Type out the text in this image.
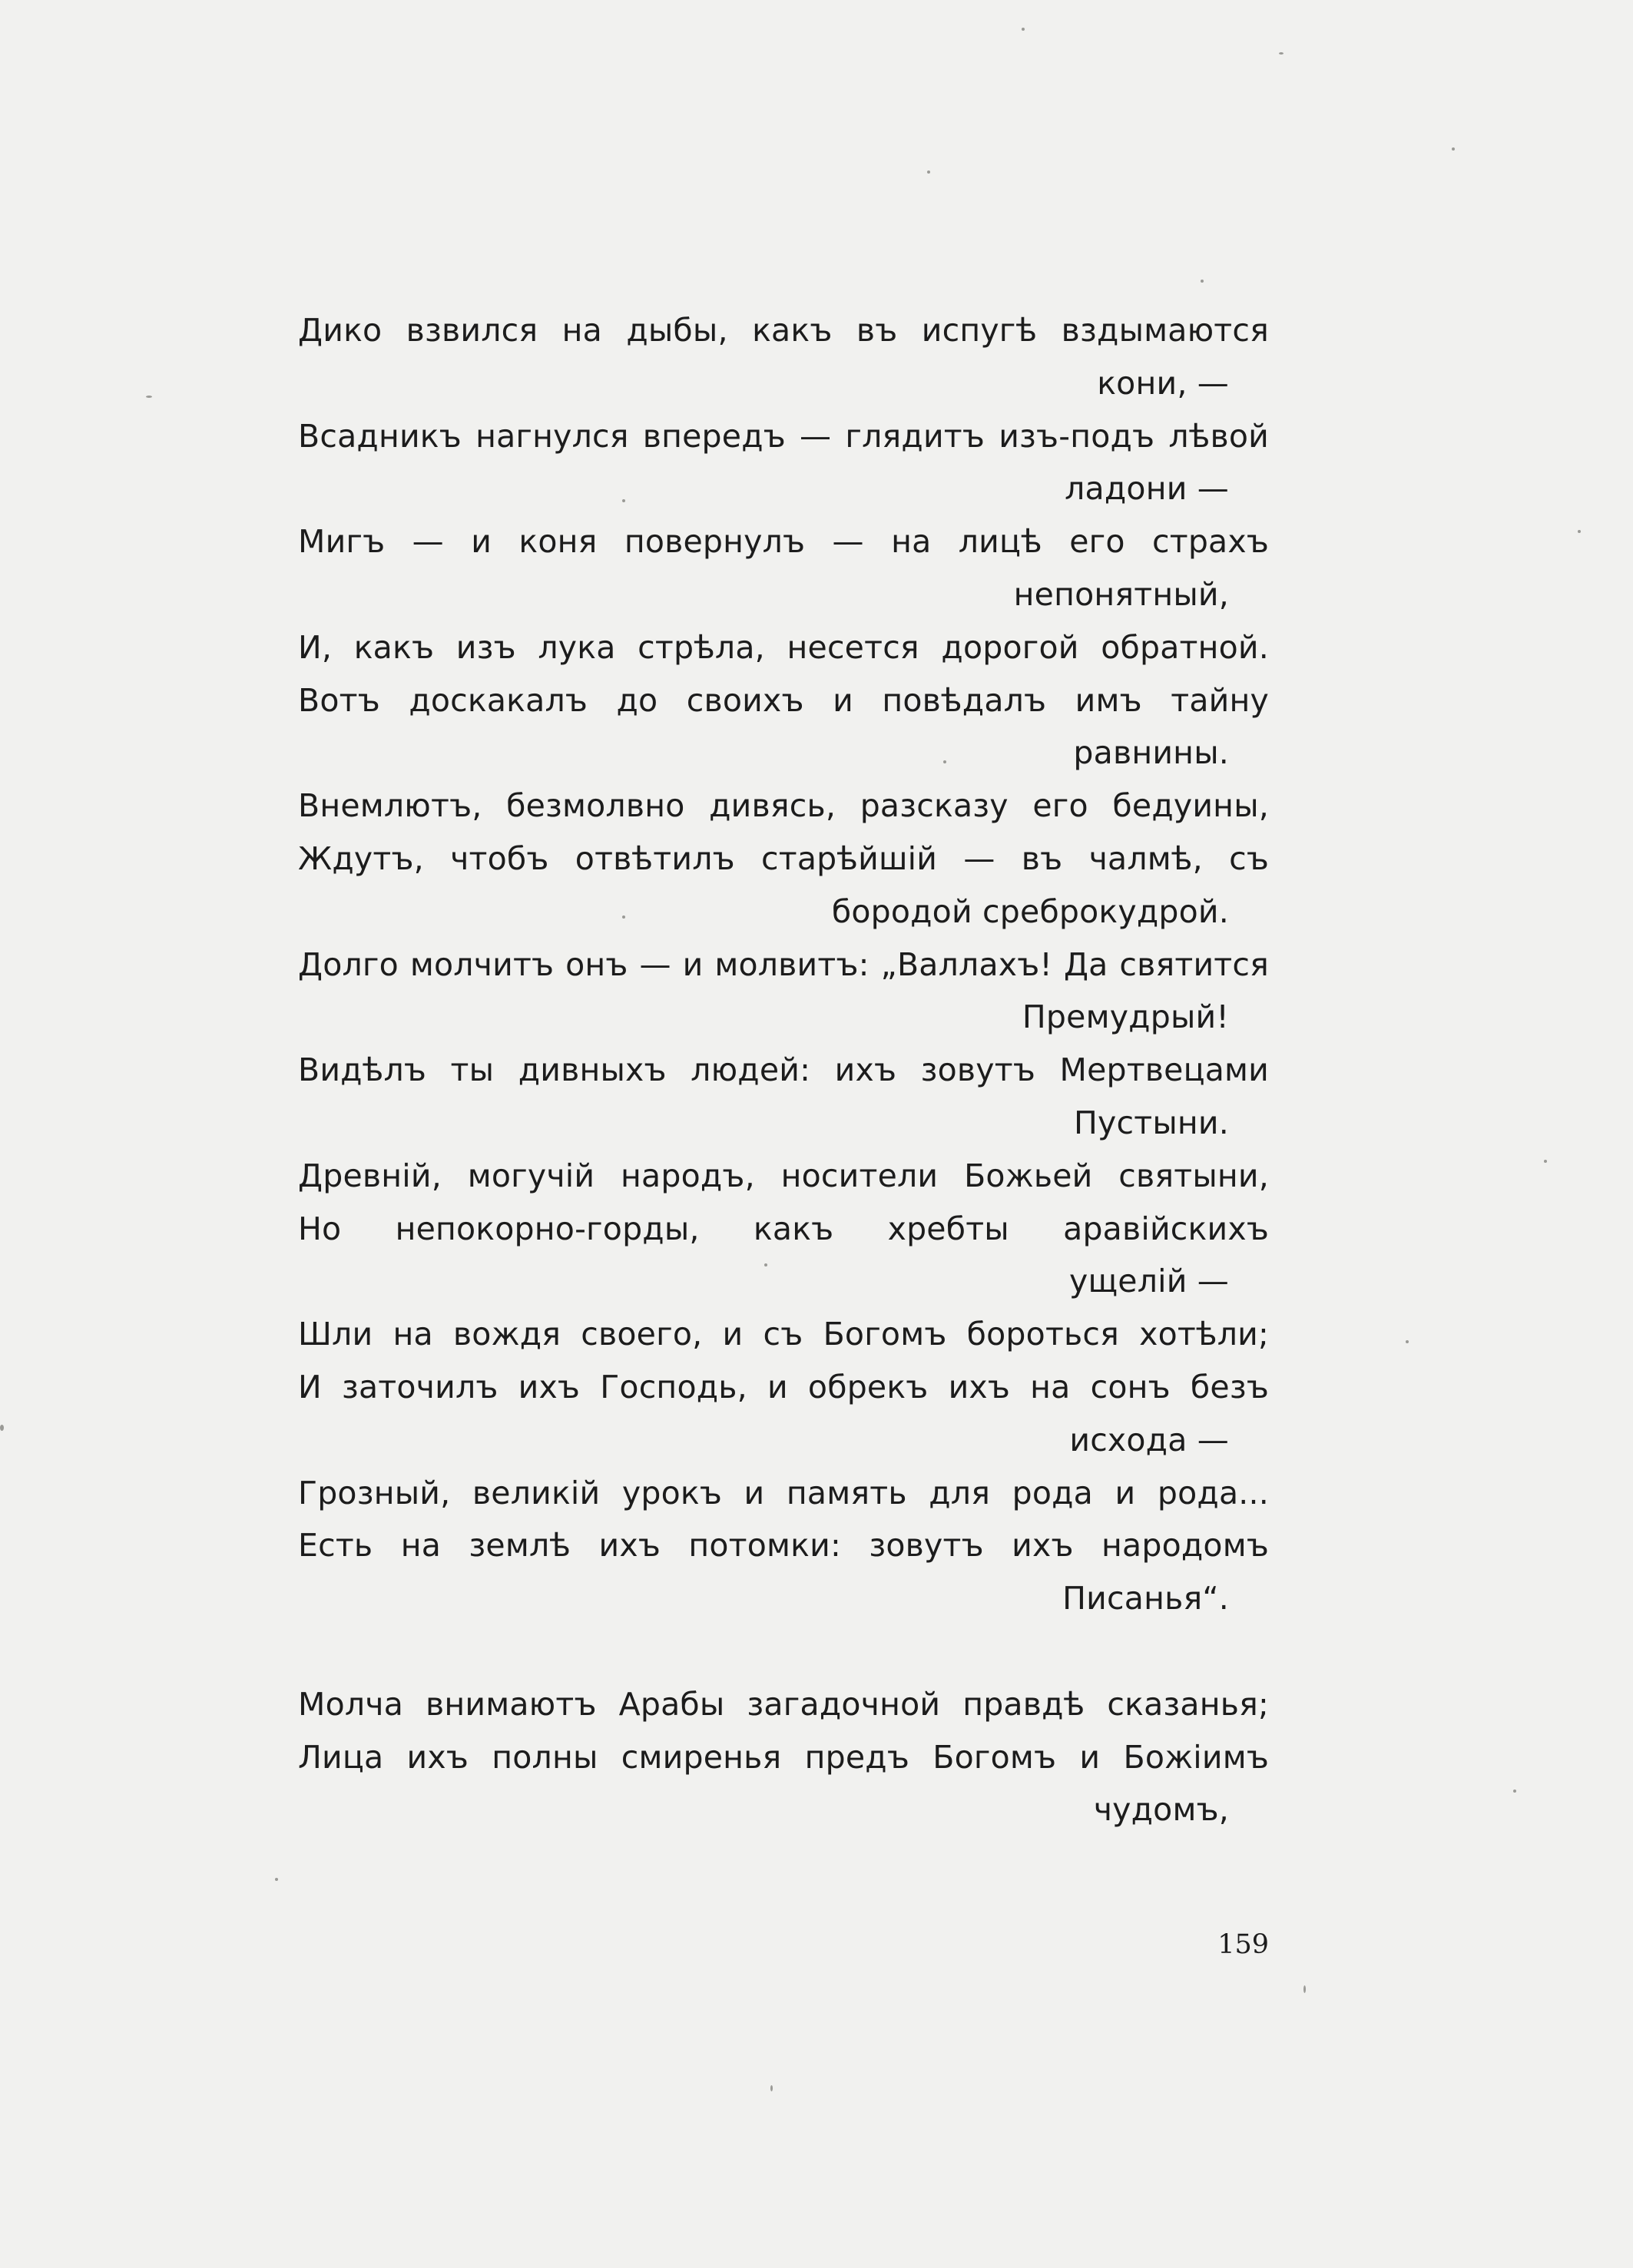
Дико взвился на дыбы, какъ въ испугѣ вздымаются
кони, —
Всадникъ нагнулся впередъ — глядитъ изъ-подъ лѣвой
ладони —
Мигъ — и коня повернулъ — на лицѣ его страхъ
непонятный,
И, какъ изъ лука стрѣла, несется дорогой обратной.
Вотъ доскакалъ до своихъ и повѣдалъ имъ тайну
равнины.
Внемлютъ, безмолвно дивясь, разсказу его бедуины,
Ждутъ, чтобъ отвѣтилъ старѣйшій — въ чалмѣ, съ
бородой среброкудрой.
Долго молчитъ онъ — и молвитъ: „Валлахъ! Да святится
Премудрый!
Видѣлъ ты дивныхъ людей: ихъ зовутъ Мертвецами
Пустыни.
Древній, могучій народъ, носители Божьей святыни,
Но непокорно-горды, какъ хребты аравійскихъ
ущелій —
Шли на вождя своего, и съ Богомъ бороться хотѣли;
И заточилъ ихъ Господь, и обрекъ ихъ на сонъ безъ
исхода —
Грозный, великій урокъ и память для рода и рода...
Есть на землѣ ихъ потомки: зовутъ ихъ народомъ
Писанья“.
Молча внимаютъ Арабы загадочной правдѣ сказанья;
Лица ихъ полны смиренья предъ Богомъ и Божіимъ
чудомъ,
159
